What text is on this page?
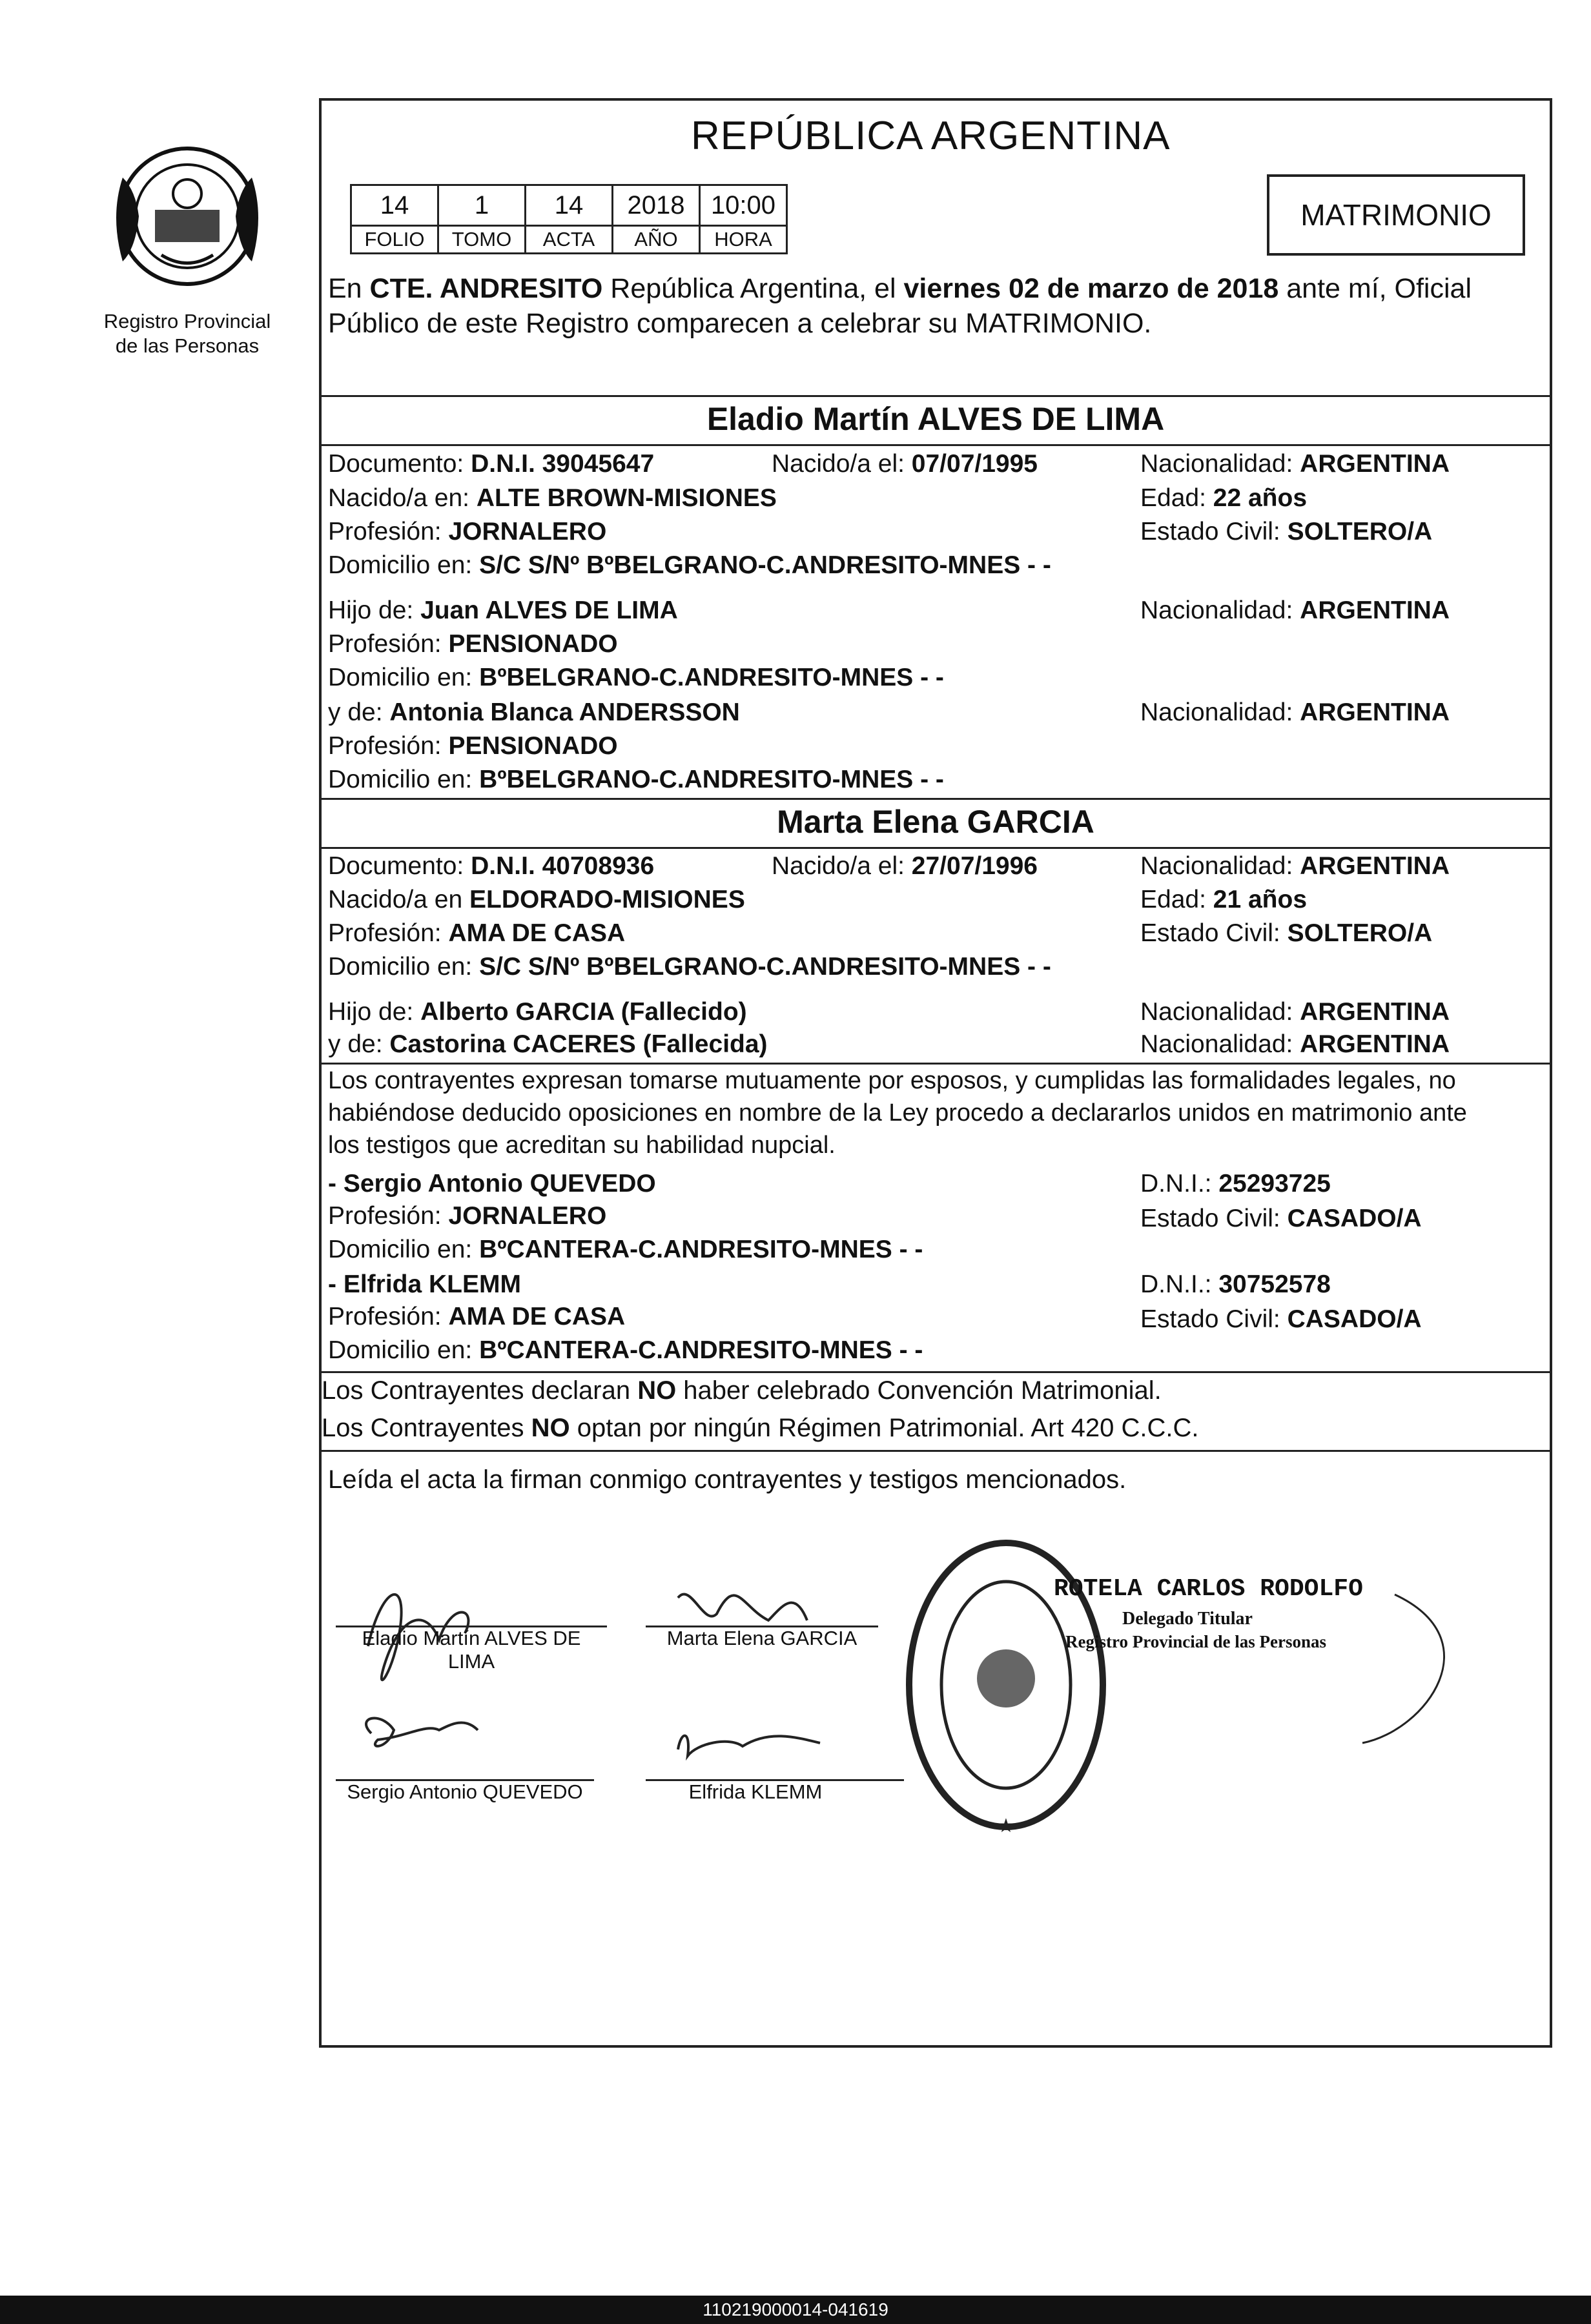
Registro Provincial
de las Personas
REPÚBLICA ARGENTINA
14	1	14	2018	10:00
FOLIO	TOMO	ACTA	AÑO	HORA
MATRIMONIO
En CTE. ANDRESITO República Argentina, el viernes 02 de marzo de 2018 ante mí, Oficial
Público de este Registro comparecen a celebrar su MATRIMONIO.
Eladio Martín ALVES DE LIMA
Documento: D.N.I. 39045647	Nacido/a el: 07/07/1995	Nacionalidad: ARGENTINA
Nacido/a en: ALTE BROWN-MISIONES	Edad: 22 años
Profesión: JORNALERO	Estado Civil: SOLTERO/A
Domicilio en: S/C S/Nº BºBELGRANO-C.ANDRESITO-MNES - -
Hijo de: Juan ALVES DE LIMA	Nacionalidad: ARGENTINA
Profesión: PENSIONADO
Domicilio en: BºBELGRANO-C.ANDRESITO-MNES - -
y de: Antonia Blanca ANDERSSON	Nacionalidad: ARGENTINA
Profesión: PENSIONADO
Domicilio en: BºBELGRANO-C.ANDRESITO-MNES - -
Marta Elena GARCIA
Documento: D.N.I. 40708936	Nacido/a el: 27/07/1996	Nacionalidad: ARGENTINA
Nacido/a en ELDORADO-MISIONES	Edad: 21 años
Profesión: AMA DE CASA	Estado Civil: SOLTERO/A
Domicilio en: S/C S/Nº BºBELGRANO-C.ANDRESITO-MNES - -
Hijo de: Alberto GARCIA (Fallecido)	Nacionalidad: ARGENTINA
y de: Castorina CACERES (Fallecida)	Nacionalidad: ARGENTINA
Los contrayentes expresan tomarse mutuamente por esposos, y cumplidas las formalidades legales, no
habiéndose deducido oposiciones en nombre de la Ley procedo a declararlos unidos en matrimonio ante
los testigos que acreditan su habilidad nupcial.
- Sergio Antonio QUEVEDO	D.N.I.: 25293725
Profesión: JORNALERO	Estado Civil: CASADO/A
Domicilio en: BºCANTERA-C.ANDRESITO-MNES - -
- Elfrida KLEMM	D.N.I.: 30752578
Profesión: AMA DE CASA	Estado Civil: CASADO/A
Domicilio en: BºCANTERA-C.ANDRESITO-MNES - -
Los Contrayentes declaran NO haber celebrado Convención Matrimonial.
Los Contrayentes NO optan por ningún Régimen Patrimonial. Art 420 C.C.C.
Leída el acta la firman conmigo contrayentes y testigos mencionados.
Eladio Martín ALVES DE
LIMA
Marta Elena GARCIA
Sergio Antonio QUEVEDO	Elfrida KLEMM
★
ROTELA CARLOS RODOLFO
Delegado Titular
Registro Provincial de las Personas
110219000014-041619
